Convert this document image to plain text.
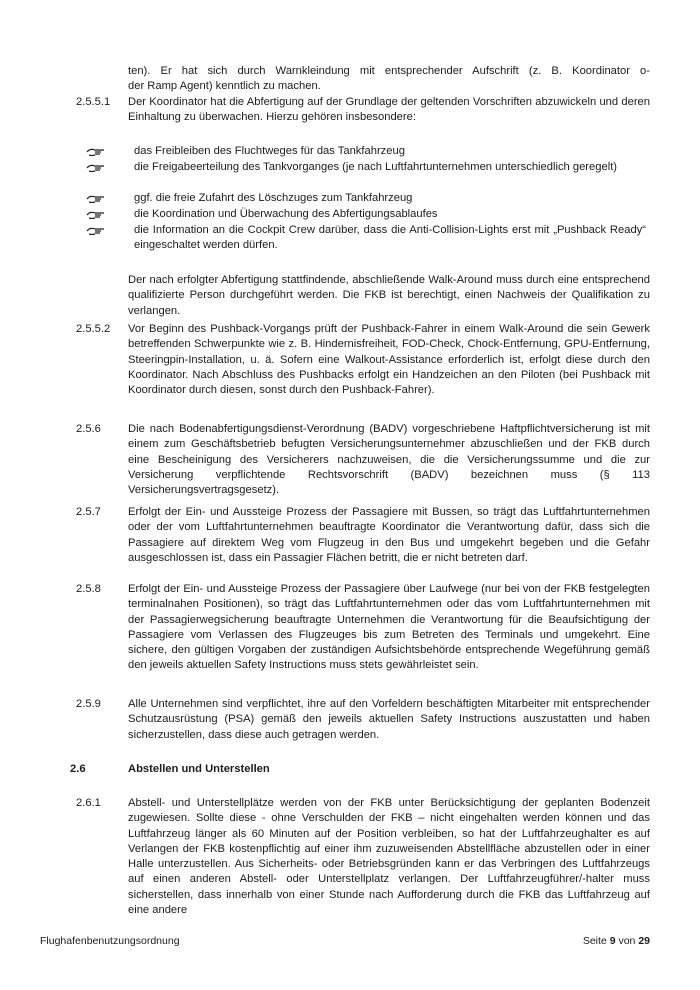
ten). Er hat sich durch Warnkleindung mit entsprechender Aufschrift (z. B. Koordinator o-
der Ramp Agent) kenntlich zu machen.
2.5.5.1	Der Koordinator hat die Abfertigung auf der Grundlage der geltenden Vorschriften abzuwickeln und deren Einhaltung zu überwachen. Hierzu gehören insbesondere:
das Freibleiben des Fluchtweges für das Tankfahrzeug
die Freigabeerteilung des Tankvorganges (je nach Luftfahrtunternehmen unterschiedlich geregelt)
ggf. die freie Zufahrt des Löschzuges zum Tankfahrzeug
die Koordination und Überwachung des Abfertigungsablaufes
die Information an die Cockpit Crew darüber, dass die Anti-Collision-Lights erst mit „Pushback Ready“ eingeschaltet werden dürfen.
Der nach erfolgter Abfertigung stattfindende, abschließende Walk-Around muss durch eine entsprechend qualifizierte Person durchgeführt werden. Die FKB ist berechtigt, einen Nachweis der Qualifikation zu verlangen.
2.5.5.2	Vor Beginn des Pushback-Vorgangs prüft der Pushback-Fahrer in einem Walk-Around die sein Gewerk betreffenden Schwerpunkte wie z. B. Hindernisfreiheit, FOD-Check, Chock-Entfernung, GPU-Entfernung, Steeringpin-Installation, u. ä. Sofern eine Walkout-Assistance erforderlich ist, erfolgt diese durch den Koordinator. Nach Abschluss des Pushbacks erfolgt ein Handzeichen an den Piloten (bei Pushback mit Koordinator durch diesen, sonst durch den Pushback-Fahrer).
2.5.6	Die nach Bodenabfertigungsdienst-Verordnung (BADV) vorgeschriebene Haftpflichtversicherung ist mit einem zum Geschäftsbetrieb befugten Versicherungsunternehmer abzuschließen und der FKB durch eine Bescheinigung des Versicherers nachzuweisen, die die Versicherungssumme und die zur Versicherung verpflichtende Rechtsvorschrift (BADV) bezeichnen muss (§ 113 Versicherungsvertragsgesetz).
2.5.7	Erfolgt der Ein- und Aussteige Prozess der Passagiere mit Bussen, so trägt das Luftfahrtunternehmen oder der vom Luftfahrtunternehmen beauftragte Koordinator die Verantwortung dafür, dass sich die Passagiere auf direktem Weg vom Flugzeug in den Bus und umgekehrt begeben und die Gefahr ausgeschlossen ist, dass ein Passagier Flächen betritt, die er nicht betreten darf.
2.5.8	Erfolgt der Ein- und Aussteige Prozess der Passagiere über Laufwege (nur bei von der FKB festgelegten terminalnahen Positionen), so trägt das Luftfahrtunternehmen oder das vom Luftfahrtunternehmen mit der Passagierwegsicherung beauftragte Unternehmen die Verantwortung für die Beaufsichtigung der Passagiere vom Verlassen des Flugzeuges bis zum Betreten des Terminals und umgekehrt. Eine sichere, den gültigen Vorgaben der zuständigen Aufsichtsbehörde entsprechende Wegeführung gemäß den jeweils aktuellen Safety Instructions muss stets gewährleistet sein.
2.5.9	Alle Unternehmen sind verpflichtet, ihre auf den Vorfeldern beschäftigten Mitarbeiter mit entsprechender Schutzausrüstung (PSA) gemäß den jeweils aktuellen Safety Instructions auszustatten und haben sicherzustellen, dass diese auch getragen werden.
2.6	Abstellen und Unterstellen
2.6.1	Abstell- und Unterstellplätze werden von der FKB unter Berücksichtigung der geplanten Bodenzeit zugewiesen. Sollte diese - ohne Verschulden der FKB – nicht eingehalten werden können und das Luftfahrzeug länger als 60 Minuten auf der Position verbleiben, so hat der Luftfahrzeughalter es auf Verlangen der FKB kostenpflichtig auf einer ihm zuzuweisenden Abstellfläche abzustellen oder in einer Halle unterzustellen. Aus Sicherheits- oder Betriebsgründen kann er das Verbringen des Luftfahrzeugs auf einen anderen Abstell- oder Unterstellplatz verlangen. Der Luftfahrzeugführer/-halter muss sicherstellen, dass innerhalb von einer Stunde nach Aufforderung durch die FKB das Luftfahrzeug auf eine andere
Flughafenbenutzungsordnung	Seite 9 von 29
